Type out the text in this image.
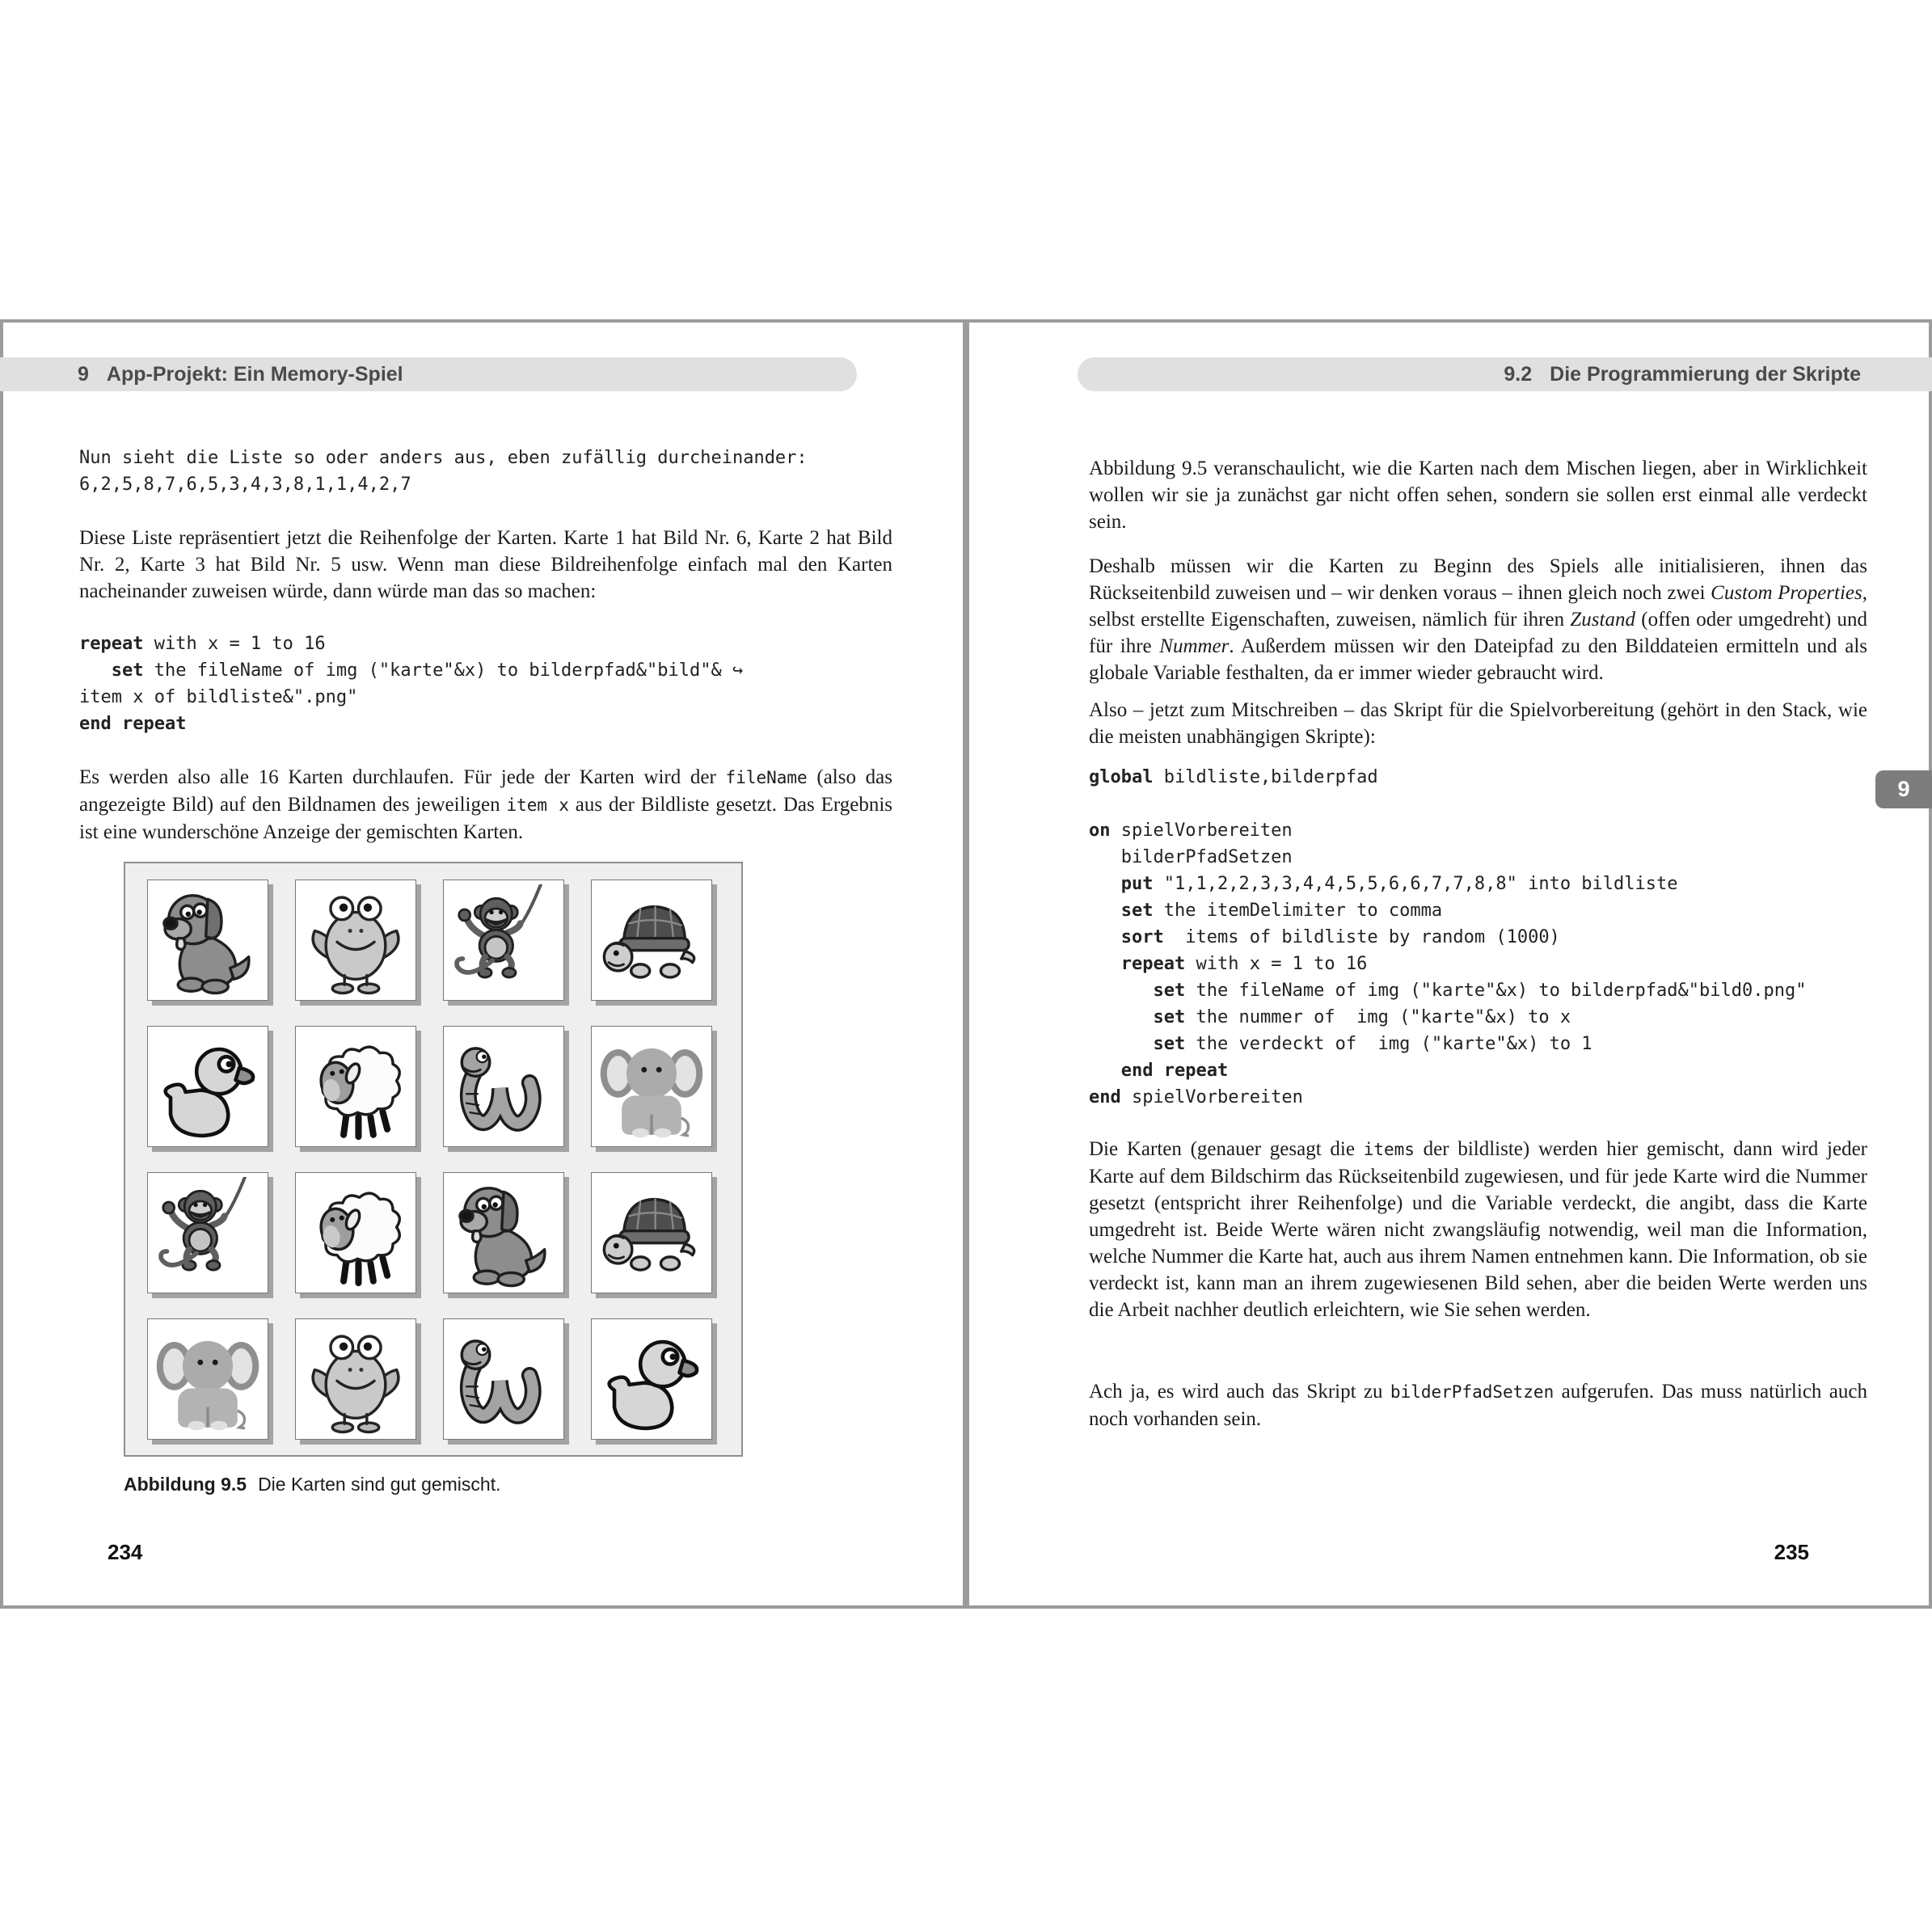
9 App-Projekt: Ein Memory-Spiel
Nun sieht die Liste so oder anders aus, eben zufällig durcheinander:
6,2,5,8,7,6,5,3,4,3,8,1,1,4,2,7

Diese Liste repräsentiert jetzt die Reihenfolge der Karten. Karte 1 hat Bild Nr. 6, Karte 2 hat Bild Nr. 2, Karte 3 hat Bild Nr. 5 usw. Wenn man diese Bildreihenfolge einfach mal den Karten nacheinander zuweisen würde, dann würde man das so machen:

repeat with x = 1 to 16
set the fileName of img ("karte"&x) to bilderpfad&"bild"& ↪
item x of bildliste&".png"
end repeat

Es werden also alle 16 Karten durchlaufen. Für jede der Karten wird der fileName (also das angezeigte Bild) auf den Bildnamen des jeweiligen item x aus der Bildliste gesetzt. Das Ergebnis ist eine wunderschöne Anzeige der gemischten Karten.

Abbildung 9.5 Die Karten sind gut gemischt.
234
9.2 Die Programmierung der Skripte

Abbildung 9.5 veranschaulicht, wie die Karten nach dem Mischen liegen, aber in Wirklichkeit wollen wir sie ja zunächst gar nicht offen sehen, sondern sie sollen erst einmal alle verdeckt sein.

Deshalb müssen wir die Karten zu Beginn des Spiels alle initialisieren, ihnen das Rückseitenbild zuweisen und – wir denken voraus – ihnen gleich noch zwei Custom Properties, selbst erstellte Eigenschaften, zuweisen, nämlich für ihren Zustand (offen oder umgedreht) und für ihre Nummer. Außerdem müssen wir den Dateipfad zu den Bilddateien ermitteln und als globale Variable festhalten, da er immer wieder gebraucht wird.

Also – jetzt zum Mitschreiben – das Skript für die Spielvorbereitung (gehört in den Stack, wie die meisten unabhängigen Skripte):

global bildliste,bilderpfad

on spielVorbereiten
bilderPfadSetzen
put "1,1,2,2,3,3,4,4,5,5,6,6,7,7,8,8" into bildliste
set the itemDelimiter to comma
sort  items of bildliste by random (1000)
repeat with x = 1 to 16
set the fileName of img ("karte"&x) to bilderpfad&"bild0.png"
set the nummer of  img ("karte"&x) to x
set the verdeckt of  img ("karte"&x) to 1
end repeat
end spielVorbereiten

Die Karten (genauer gesagt die items der bildliste) werden hier gemischt, dann wird jeder Karte auf dem Bildschirm das Rückseitenbild zugewiesen, und für jede Karte wird die Nummer gesetzt (entspricht ihrer Reihenfolge) und die Variable verdeckt, die angibt, dass die Karte umgedreht ist. Beide Werte wären nicht zwangsläufig notwendig, weil man die Information, welche Nummer die Karte hat, auch aus ihrem Namen entnehmen kann. Die Information, ob sie verdeckt ist, kann man an ihrem zugewiesenen Bild sehen, aber die beiden Werte werden uns die Arbeit nachher deutlich erleichtern, wie Sie sehen werden.

Ach ja, es wird auch das Skript zu bilderPfadSetzen aufgerufen. Das muss natürlich auch noch vorhanden sein.

235
9
